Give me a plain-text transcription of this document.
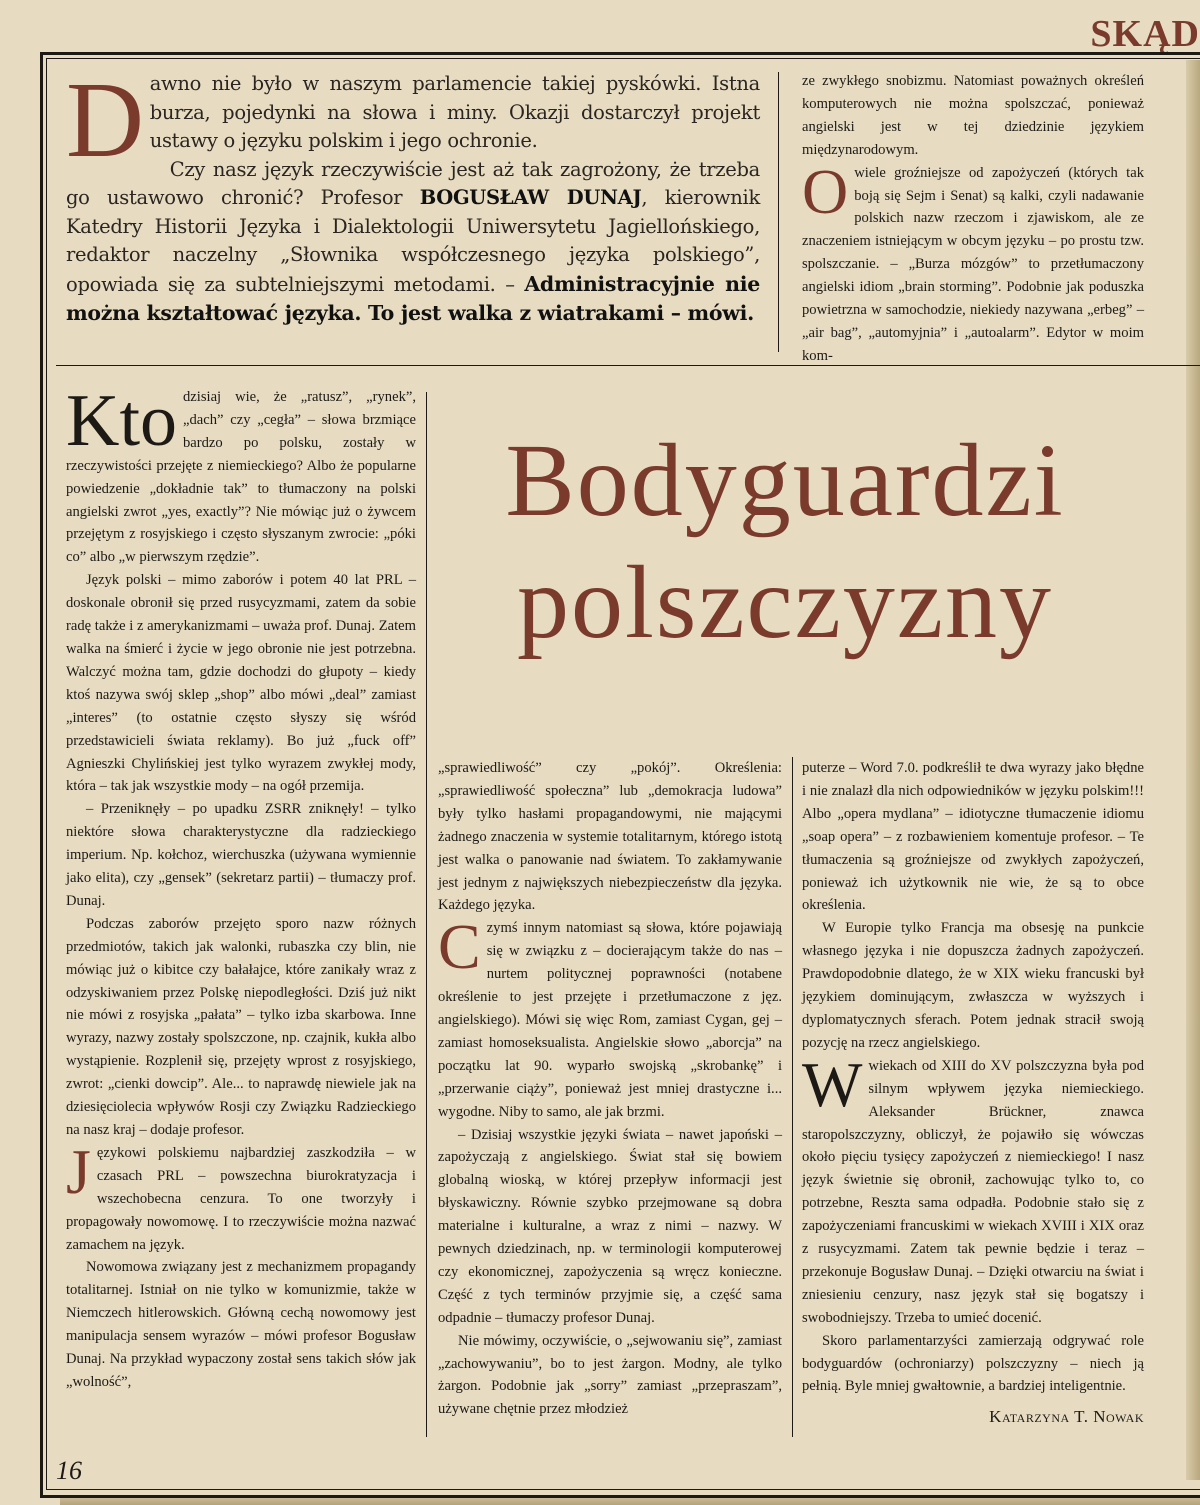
SKĄD

Dawno nie było w naszym parlamencie takiej pyskówki. Istna burza, pojedynki na słowa i miny. Okazji dostarczył projekt ustawy o języku polskim i jego ochronie.

Czy nasz język rzeczywiście jest aż tak zagrożony, że trzeba go ustawowo chronić? Profesor BOGUSŁAW DUNAJ, kierownik Katedry Historii Języka i Dialektologii Uniwersytetu Jagiellońskiego, redaktor naczelny „Słownika współczesnego języka polskiego”, opowiada się za subtelniejszymi metodami. – Administracyjnie nie można kształtować języka. To jest walka z wiatrakami – mówi.

ze zwykłego snobizmu. Natomiast poważnych określeń komputerowych nie można spolszczać, ponieważ angielski jest w tej dziedzinie językiem międzynarodowym.

Owiele groźniejsze od zapożyczeń (których tak boją się Sejm i Senat) są kalki, czyli nadawanie polskich nazw rzeczom i zjawiskom, ale ze znaczeniem istniejącym w obcym języku – po prostu tzw. spolszczanie. – „Burza mózgów” to przetłumaczony angielski idiom „brain storming”. Podobnie jak poduszka powietrzna w samochodzie, niekiedy nazywana „erbeg” – „air bag”, „automyjnia” i „autoalarm”. Edytor w moim kom-

Kto dzisiaj wie, że „ratusz”, „rynek”, „dach” czy „cegła” – słowa brzmiące bardzo po polsku, zostały w rzeczywistości przejęte z niemieckiego? Albo że popularne powiedzenie „dokładnie tak” to tłumaczony na polski angielski zwrot „yes, exactly”? Nie mówiąc już o żywcem przejętym z rosyjskiego i często słyszanym zwrocie: „póki co” albo „w pierwszym rzędzie”.

Język polski – mimo zaborów i potem 40 lat PRL – doskonale obronił się przed rusycyzmami, zatem da sobie radę także i z amerykanizmami – uważa prof. Dunaj. Zatem walka na śmierć i życie w jego obronie nie jest potrzebna. Walczyć można tam, gdzie dochodzi do głupoty – kiedy ktoś nazywa swój sklep „shop” albo mówi „deal” zamiast „interes” (to ostatnie często słyszy się wśród przedstawicieli świata reklamy). Bo już „fuck off” Agnieszki Chylińskiej jest tylko wyrazem zwykłej mody, która – tak jak wszystkie mody – na ogół przemija.

– Przeniknęły – po upadku ZSRR zniknęły! – tylko niektóre słowa charakterystyczne dla radzieckiego imperium. Np. kołchoz, wierchuszka (używana wymiennie jako elita), czy „gensek” (sekretarz partii) – tłumaczy prof. Dunaj.

Podczas zaborów przejęto sporo nazw różnych przedmiotów, takich jak walonki, rubaszka czy blin, nie mówiąc już o kibitce czy bałałajce, które zanikały wraz z odzyskiwaniem przez Polskę niepodległości. Dziś już nikt nie mówi z rosyjska „pałata” – tylko izba skarbowa. Inne wyrazy, nazwy zostały spolszczone, np. czajnik, kukła albo wystąpienie. Rozplenił się, przejęty wprost z rosyjskiego, zwrot: „cienki dowcip”. Ale... to naprawdę niewiele jak na dziesięciolecia wpływów Rosji czy Związku Radzieckiego na nasz kraj – dodaje profesor.

Językowi polskiemu najbardziej zaszkodziła – w czasach PRL – powszechna biurokratyzacja i wszechobecna cenzura. To one tworzyły i propagowały nowomowę. I to rzeczywiście można nazwać zamachem na język.

Nowomowa związany jest z mechanizmem propagandy totalitarnej. Istniał on nie tylko w komunizmie, także w Niemczech hitlerowskich. Główną cechą nowomowy jest manipulacja sensem wyrazów – mówi profesor Bogusław Dunaj. Na przykład wypaczony został sens takich słów jak „wolność”,

Bodyguardzi
polszczyzny

„sprawiedliwość” czy „pokój”. Określenia: „sprawiedliwość społeczna” lub „demokracja ludowa” były tylko hasłami propagandowymi, nie mającymi żadnego znaczenia w systemie totalitarnym, którego istotą jest walka o panowanie nad światem. To zakłamywanie jest jednym z największych niebezpieczeństw dla języka. Każdego języka.

Czymś innym natomiast są słowa, które pojawiają się w związku z – docierającym także do nas – nurtem politycznej poprawności (notabene określenie to jest przejęte i przetłumaczone z jęz. angielskiego). Mówi się więc Rom, zamiast Cygan, gej – zamiast homoseksualista. Angielskie słowo „aborcja” na początku lat 90. wyparło swojską „skrobankę” i „przerwanie ciąży”, ponieważ jest mniej drastyczne i... wygodne. Niby to samo, ale jak brzmi.

– Dzisiaj wszystkie języki świata – nawet japoński – zapożyczają z angielskiego. Świat stał się bowiem globalną wioską, w której przepływ informacji jest błyskawiczny. Równie szybko przejmowane są dobra materialne i kulturalne, a wraz z nimi – nazwy. W pewnych dziedzinach, np. w terminologii komputerowej czy ekonomicznej, zapożyczenia są wręcz konieczne. Część z tych terminów przyjmie się, a część sama odpadnie – tłumaczy profesor Dunaj.

Nie mówimy, oczywiście, o „sejwowaniu się”, zamiast „zachowywaniu”, bo to jest żargon. Modny, ale tylko żargon. Podobnie jak „sorry” zamiast „przepraszam”, używane chętnie przez młodzież

puterze – Word 7.0. podkreślił te dwa wyrazy jako błędne i nie znalazł dla nich odpowiedników w języku polskim!!! Albo „opera mydlana” – idiotyczne tłumaczenie idiomu „soap opera” – z rozbawieniem komentuje profesor. – Te tłumaczenia są groźniejsze od zwykłych zapożyczeń, ponieważ ich użytkownik nie wie, że są to obce określenia.

W Europie tylko Francja ma obsesję na punkcie własnego języka i nie dopuszcza żadnych zapożyczeń. Prawdopodobnie dlatego, że w XIX wieku francuski był językiem dominującym, zwłaszcza w wyższych i dyplomatycznych sferach. Potem jednak stracił swoją pozycję na rzecz angielskiego.

Wwiekach od XIII do XV polszczyzna była pod silnym wpływem języka niemieckiego. Aleksander Brückner, znawca staropolszczyzny, obliczył, że pojawiło się wówczas około pięciu tysięcy zapożyczeń z niemieckiego! I nasz język świetnie się obronił, zachowując tylko to, co potrzebne, Reszta sama odpadła. Podobnie stało się z zapożyczeniami francuskimi w wiekach XVIII i XIX oraz z rusycyzmami. Zatem tak pewnie będzie i teraz – przekonuje Bogusław Dunaj. – Dzięki otwarciu na świat i zniesieniu cenzury, nasz język stał się bogatszy i swobodniejszy. Trzeba to umieć docenić.

Skoro parlamentarzyści zamierzają odgrywać role bodyguardów (ochroniarzy) polszczyzny – niech ją pełnią. Byle mniej gwałtownie, a bardziej inteligentnie.

Katarzyna T. Nowak
16
